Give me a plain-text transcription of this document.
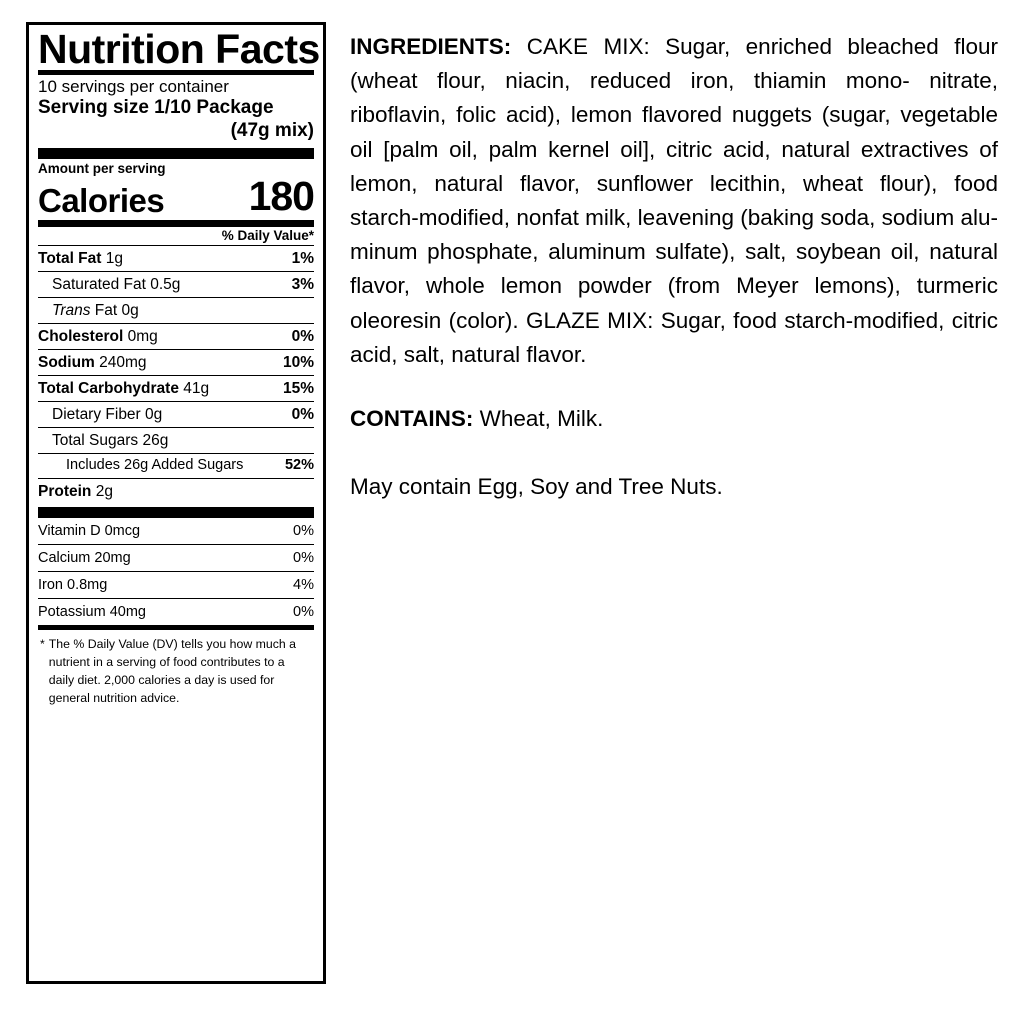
Nutrition Facts
10 servings per container
Serving size 1/10 Package
(47g mix)
Amount per serving
Calories 180
% Daily Value*
Total Fat 1g	1%
Saturated Fat 0.5g	3%
Trans Fat 0g
Cholesterol 0mg	0%
Sodium 240mg	10%
Total Carbohydrate 41g	15%
Dietary Fiber 0g	0%
Total Sugars 26g
Includes 26g Added Sugars	52%
Protein 2g
Vitamin D 0mcg	0%
Calcium 20mg	0%
Iron 0.8mg	4%
Potassium 40mg	0%
* The % Daily Value (DV) tells you how much a nutrient in a serving of food contributes to a daily diet. 2,000 calories a day is used for general nutrition advice.

INGREDIENTS: CAKE MIX: Sugar, enriched bleached flour (wheat flour, niacin, reduced iron, thiamin mono- nitrate, riboflavin, folic acid), lemon flavored nuggets (sugar, vegetable oil [palm oil, palm kernel oil], citric acid, natural extractives of lemon, natural flavor, sunflower lecithin, wheat flour), food starch-modified, nonfat milk, leavening (baking soda, sodium alu- minum phosphate, aluminum sulfate), salt, soybean oil, natural flavor, whole lemon powder (from Meyer lemons), turmeric oleoresin (color). GLAZE MIX: Sugar, food starch-modified, citric acid, salt, natural flavor.

CONTAINS: Wheat, Milk.

May contain Egg, Soy and Tree Nuts.
